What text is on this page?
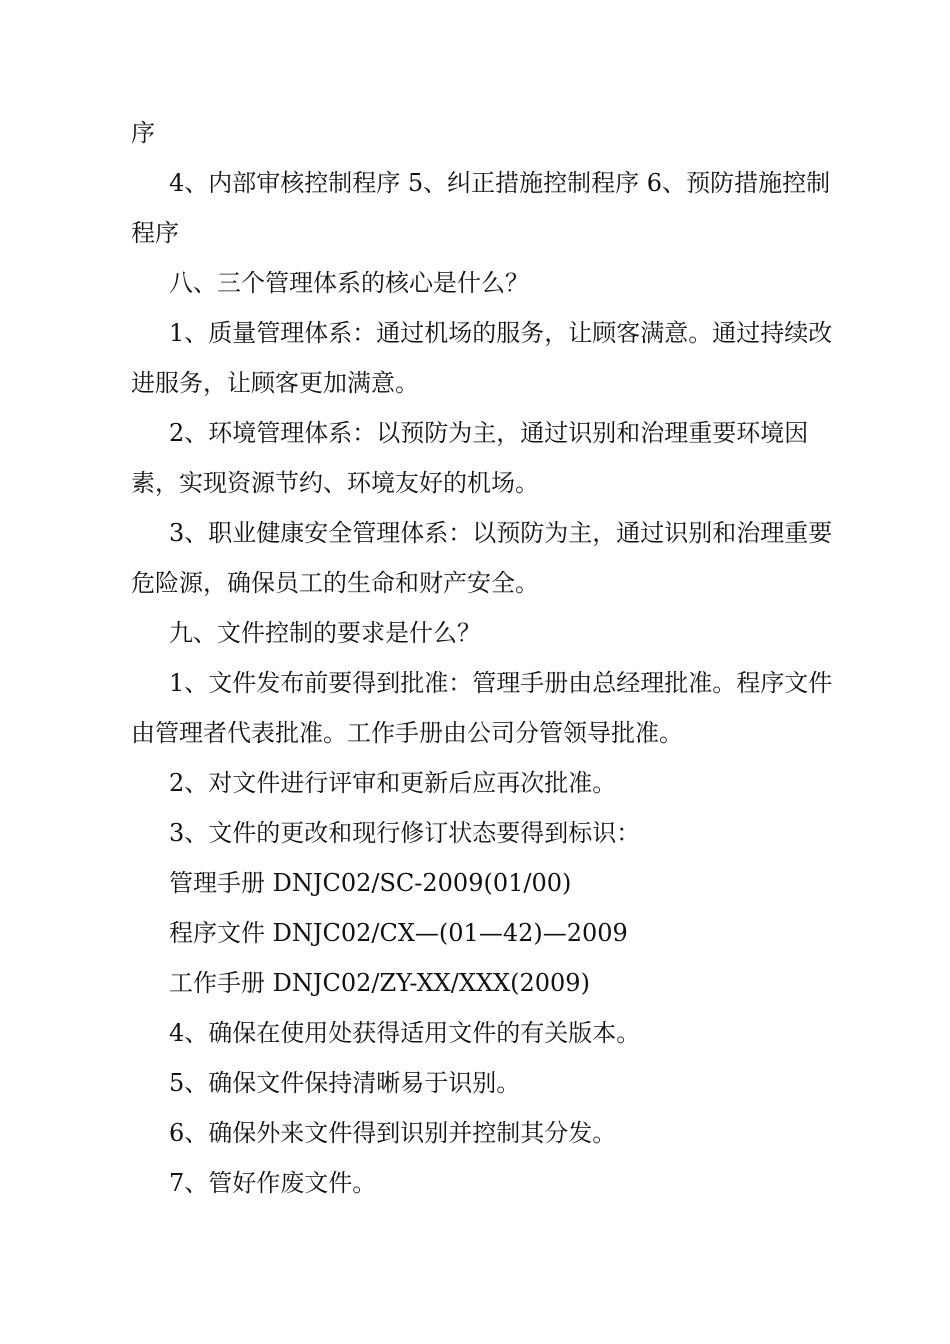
序

4、内部审核控制程序 5、纠正措施控制程序 6、预防措施控制程序

八、三个管理体系的核心是什么？

1、质量管理体系：通过机场的服务，让顾客满意。通过持续改进服务，让顾客更加满意。

2、环境管理体系：以预防为主，通过识别和治理重要环境因素，实现资源节约、环境友好的机场。

3、职业健康安全管理体系：以预防为主，通过识别和治理重要危险源，确保员工的生命和财产安全。

九、文件控制的要求是什么？

1、文件发布前要得到批准：管理手册由总经理批准。程序文件由管理者代表批准。工作手册由公司分管领导批准。

2、对文件进行评审和更新后应再次批准。

3、文件的更改和现行修订状态要得到标识：

管理手册 DNJC02/SC-2009(01/00)

程序文件 DNJC02/CX—(01—42)—2009

工作手册 DNJC02/ZY-XX/XXX(2009)

4、确保在使用处获得适用文件的有关版本。

5、确保文件保持清晰易于识别。

6、确保外来文件得到识别并控制其分发。

7、管好作废文件。
